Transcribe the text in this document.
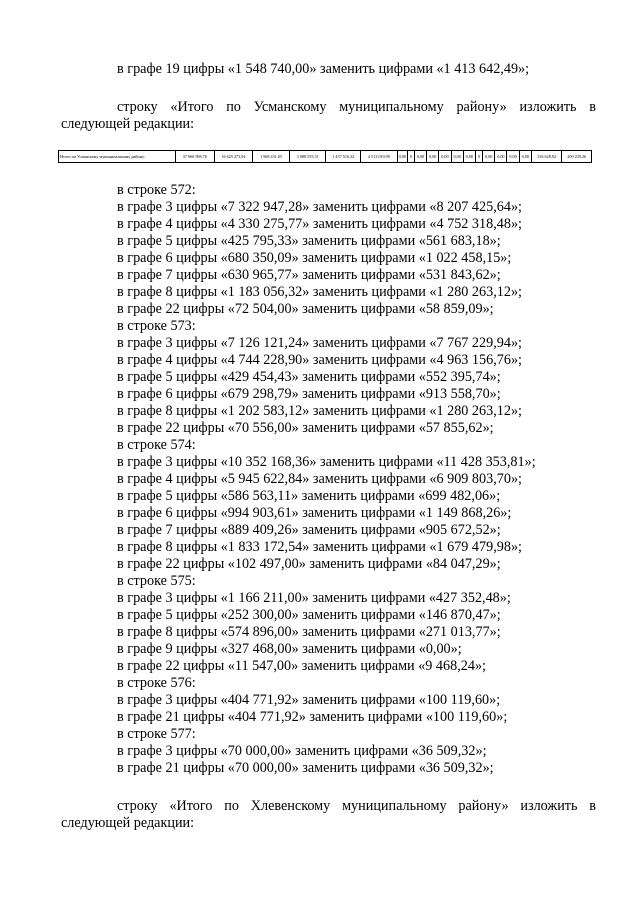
в графе 19 цифры «1 548 740,00» заменить цифрами «1 413 642,49»;
строку «Итого по Усманскому муниципальному району» изложить в
следующей редакции:
Итого по Усманскому муниципальному району:	37 966 998,76	16 625 273,94	1 968 431,05	3 088 555,51	1 437 516,34	4 513 019,99	0,00	0	0,00	0,00	0,00	0,00	0,00	0	0,00	0,00	0,00	0,00	316 628,92	209 239,26
в строке 572:
в графе 3 цифры «7 322 947,28» заменить цифрами «8 207 425,64»;
в графе 4 цифры «4 330 275,77» заменить цифрами «4 752 318,48»;
в графе 5 цифры «425 795,33» заменить цифрами «561 683,18»;
в графе 6 цифры «680 350,09» заменить цифрами «1 022 458,15»;
в графе 7 цифры «630 965,77» заменить цифрами «531 843,62»;
в графе 8 цифры «1 183 056,32» заменить цифрами «1 280 263,12»;
в графе 22 цифры «72 504,00» заменить цифрами «58 859,09»;
в строке 573:
в графе 3 цифры «7 126 121,24» заменить цифрами «7 767 229,94»;
в графе 4 цифры «4 744 228,90» заменить цифрами «4 963 156,76»;
в графе 5 цифры «429 454,43» заменить цифрами «552 395,74»;
в графе 6 цифры «679 298,79» заменить цифрами «913 558,70»;
в графе 8 цифры «1 202 583,12» заменить цифрами «1 280 263,12»;
в графе 22 цифры «70 556,00» заменить цифрами «57 855,62»;
в строке 574:
в графе 3 цифры «10 352 168,36» заменить цифрами «11 428 353,81»;
в графе 4 цифры «5 945 622,84» заменить цифрами «6 909 803,70»;
в графе 5 цифры «586 563,11» заменить цифрами «699 482,06»;
в графе 6 цифры «994 903,61» заменить цифрами «1 149 868,26»;
в графе 7 цифры «889 409,26» заменить цифрами «905 672,52»;
в графе 8 цифры «1 833 172,54» заменить цифрами «1 679 479,98»;
в графе 22 цифры «102 497,00» заменить цифрами «84 047,29»;
в строке 575:
в графе 3 цифры «1 166 211,00» заменить цифрами «427 352,48»;
в графе 5 цифры «252 300,00» заменить цифрами «146 870,47»;
в графе 8 цифры «574 896,00» заменить цифрами «271 013,77»;
в графе 9 цифры «327 468,00» заменить цифрами «0,00»;
в графе 22 цифры «11 547,00» заменить цифрами «9 468,24»;
в строке 576:
в графе 3 цифры «404 771,92» заменить цифрами «100 119,60»;
в графе 21 цифры «404 771,92» заменить цифрами «100 119,60»;
в строке 577:
в графе 3 цифры «70 000,00» заменить цифрами «36 509,32»;
в графе 21 цифры «70 000,00» заменить цифрами «36 509,32»;
строку «Итого по Хлевенскому муниципальному району» изложить в
следующей редакции:
